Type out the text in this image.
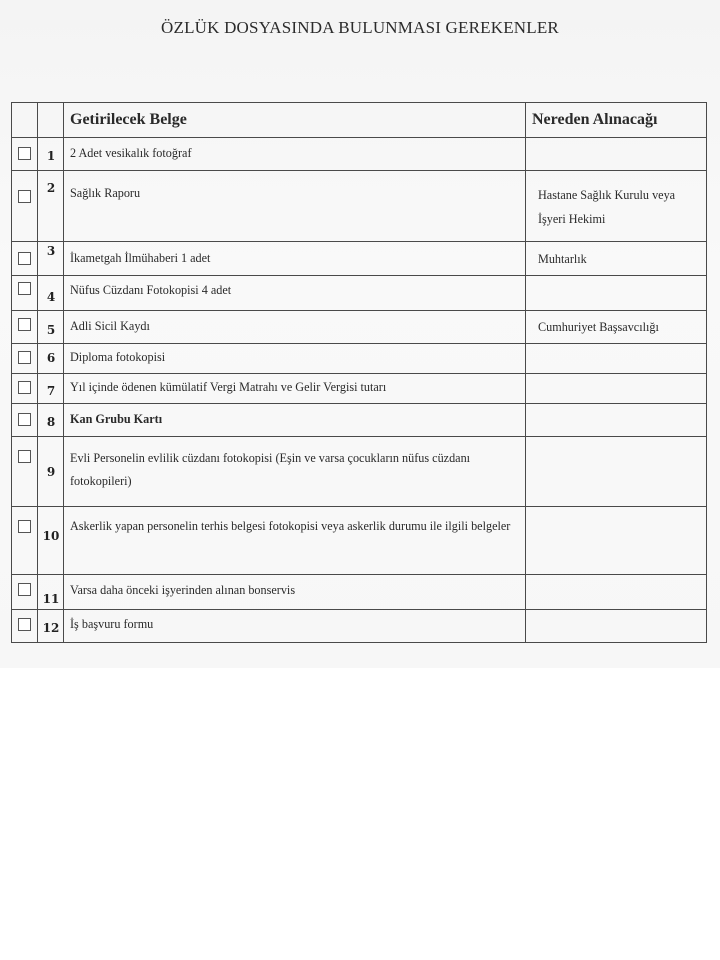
ÖZLÜK DOSYASINDA BULUNMASI GEREKENLER

		Getirilecek Belge	Nereden Alınacağı

	1	2 Adet vesikalık fotoğraf	

	2	Sağlık Raporu	Hastane Sağlık Kurulu veya İşyeri Hekimi

	3	İkametgah İlmühaberi 1 adet	Muhtarlık

	4	Nüfus Cüzdanı Fotokopisi 4 adet	

	5	Adli Sicil Kaydı	Cumhuriyet Başsavcılığı

	6	Diploma fotokopisi	

	7	Yıl içinde ödenen kümülatif Vergi Matrahı ve Gelir Vergisi tutarı	

	8	Kan Grubu Kartı	

	9	Evli Personelin evlilik cüzdanı fotokopisi (Eşin ve varsa çocukların nüfus cüzdanı fotokopileri)	

	10	Askerlik yapan personelin terhis belgesi fotokopisi veya askerlik durumu ile ilgili belgeler	

	11	Varsa daha önceki işyerinden alınan bonservis	

	12	İş başvuru formu	
